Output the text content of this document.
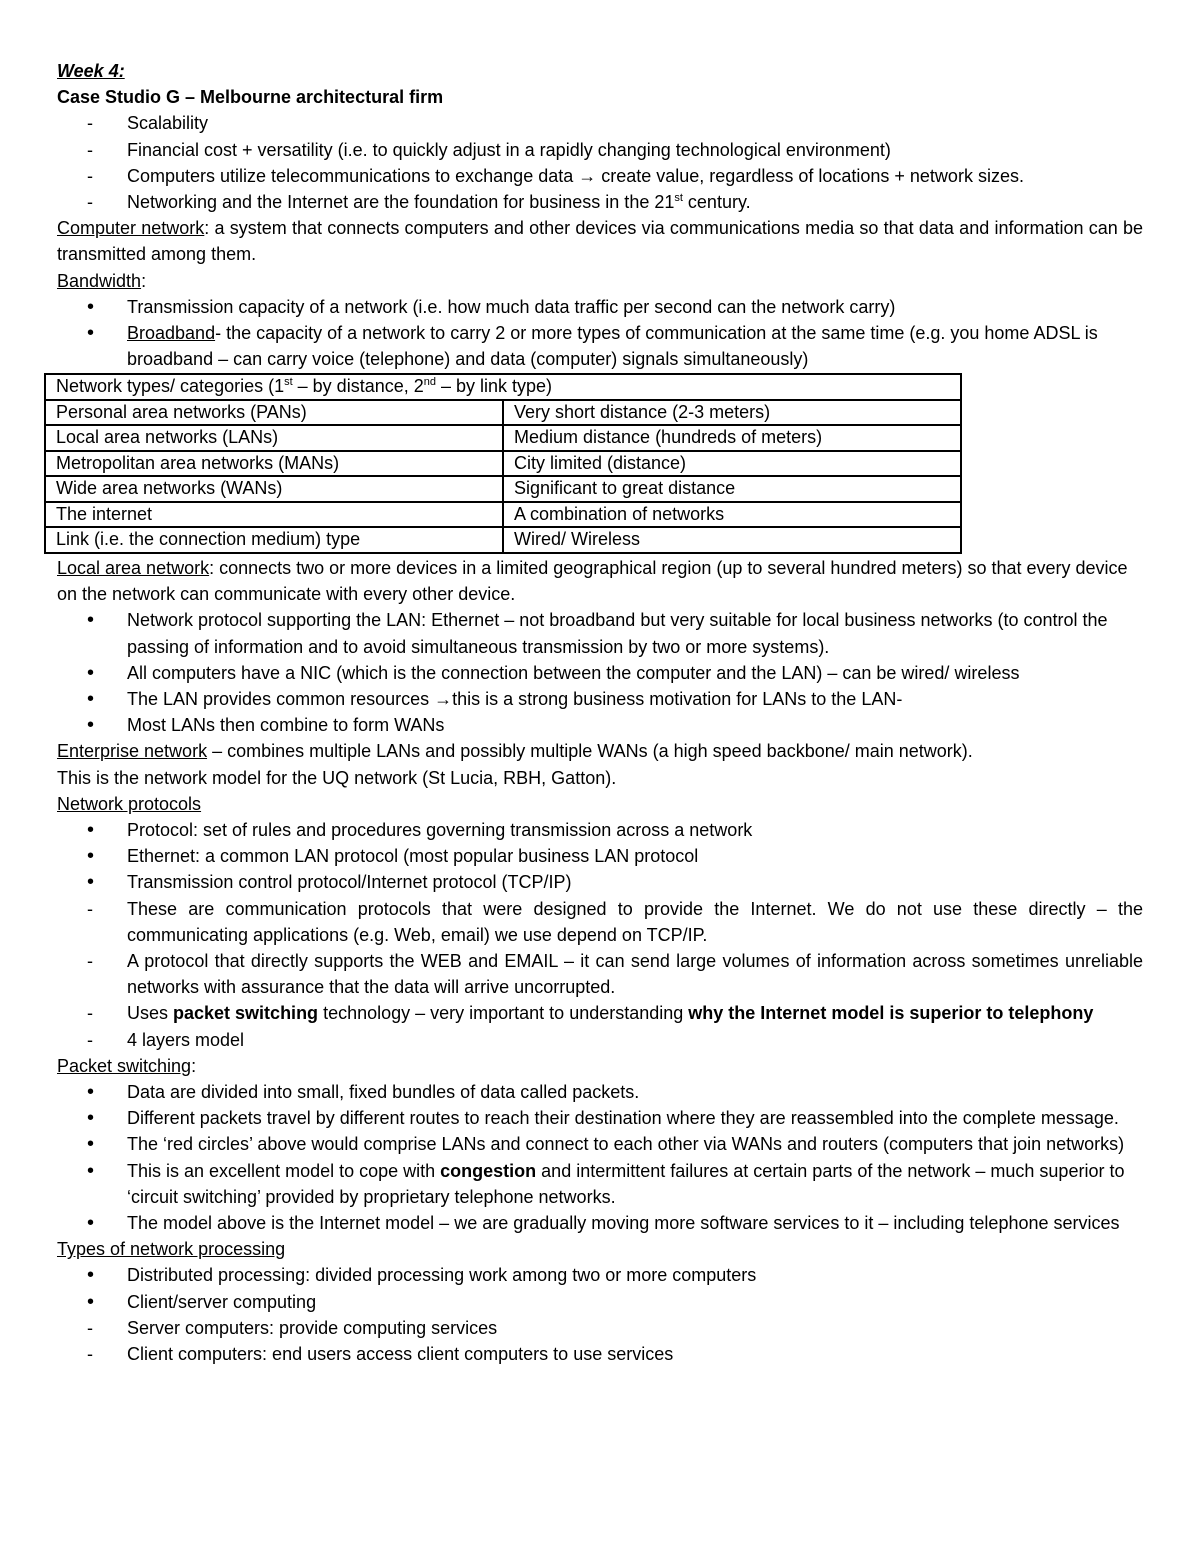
Week 4:

Case Studio G – Melbourne architectural firm

-	Scalability
-	Financial cost + versatility (i.e. to quickly adjust in a rapidly changing technological environment)
-	Computers utilize telecommunications to exchange data → create value, regardless of locations + network sizes.
-	Networking and the Internet are the foundation for business in the 21st century.

Computer network: a system that connects computers and other devices via communications media so that data and information can be transmitted among them.

Bandwidth:

•	Transmission capacity of a network (i.e. how much data traffic per second can the network carry)
•	Broadband- the capacity of a network to carry 2 or more types of communication at the same time (e.g. you home ADSL is broadband – can carry voice (telephone) and data (computer) signals simultaneously)
Network types/ categories (1st – by distance, 2nd – by link type)	
Personal area networks (PANs)	Very short distance (2-3 meters)
Local area networks (LANs)	Medium distance (hundreds of meters)
Metropolitan area networks (MANs)	City limited (distance)
Wide area networks (WANs)	Significant to great distance
The internet	A combination of networks
Link (i.e. the connection medium) type	Wired/ Wireless

Local area network: connects two or more devices in a limited geographical region (up to several hundred meters) so that every device on the network can communicate with every other device.

•	Network protocol supporting the LAN: Ethernet – not broadband but very suitable for local business networks (to control the passing of information and to avoid simultaneous transmission by two or more systems).
•	All computers have a NIC (which is the connection between the computer and the LAN) – can be wired/ wireless
•	The LAN provides common resources →this is a strong business motivation for LANs to the LAN-
•	Most LANs then combine to form WANs

Enterprise network – combines multiple LANs and possibly multiple WANs (a high speed backbone/ main network).

This is the network model for the UQ network (St Lucia, RBH, Gatton).

Network protocols

•	Protocol: set of rules and procedures governing transmission across a network
•	Ethernet: a common LAN protocol (most popular business LAN protocol
•	Transmission control protocol/Internet protocol (TCP/IP)
-	These are communication protocols that were designed to provide the Internet. We do not use these directly – the communicating applications (e.g. Web, email) we use depend on TCP/IP.
-	A protocol that directly supports the WEB and EMAIL – it can send large volumes of information across sometimes unreliable networks with assurance that the data will arrive uncorrupted.
-	Uses packet switching technology – very important to understanding why the Internet model is superior to telephony
-	4 layers model

Packet switching:

•	Data are divided into small, fixed bundles of data called packets.
•	Different packets travel by different routes to reach their destination where they are reassembled into the complete message.
•	The ‘red circles’ above would comprise LANs and connect to each other via WANs and routers (computers that join networks)
•	This is an excellent model to cope with congestion and intermittent failures at certain parts of the network – much superior to ‘circuit switching’ provided by proprietary telephone networks.
•	The model above is the Internet model – we are gradually moving more software services to it – including telephone services

Types of network processing

•	Distributed processing: divided processing work among two or more computers
•	Client/server computing
-	Server computers: provide computing services
-	Client computers: end users access client computers to use services
